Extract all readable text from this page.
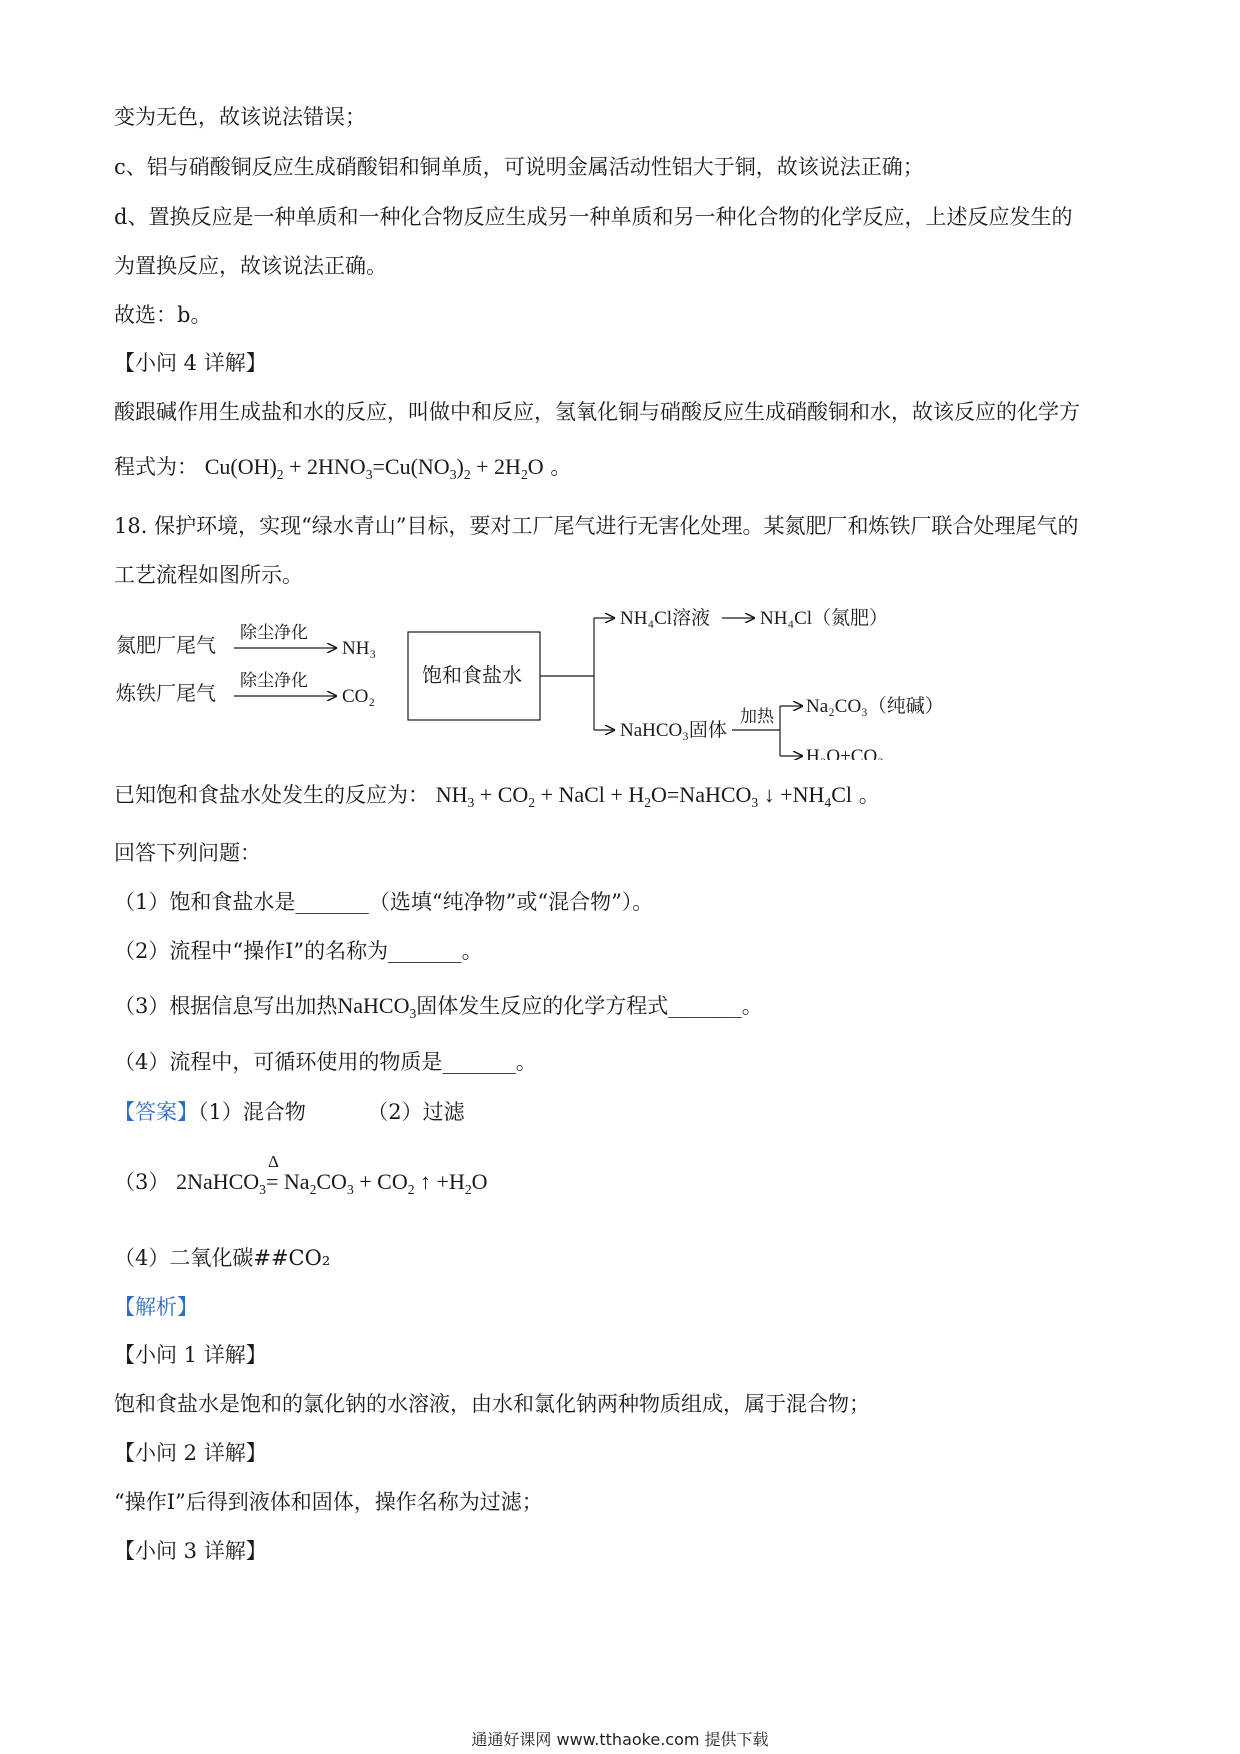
变为无色，故该说法错误；
c、铝与硝酸铜反应生成硝酸铝和铜单质，可说明金属活动性铝大于铜，故该说法正确；
d、置换反应是一种单质和一种化合物反应生成另一种单质和另一种化合物的化学反应，上述反应发生的
为置换反应，故该说法正确。
故选：b。
【小问 4 详解】
酸跟碱作用生成盐和水的反应，叫做中和反应，氢氧化铜与硝酸反应生成硝酸铜和水，故该反应的化学方
程式为： $Cu(OH)_2 + 2HNO_3=Cu(NO_3)_2 + 2H_2O$ 。
18. 保护环境，实现“绿水青山”目标，要对工厂尾气进行无害化处理。某氮肥厂和炼铁厂联合处理尾气的
工艺流程如图所示。
氮肥厂尾气 除尘净化
NH₃
炼铁厂尾气 除尘净化
CO₂
饱和食盐水
NH₄Cl溶液	NH₄Cl（氮肥）
NaHCO₃固体
加热 Na₂CO₃（纯碱）
H₂O+CO₂
已知饱和食盐水处发生的反应为： $NH_3 + CO_2$ + NaCl + $H_2O=NaHCO_3$ ↓ $+NH_4Cl$ 。
回答下列问题：
（1）饱和食盐水是_______（选填“纯净物”或“混合物”）。
（2）流程中“操作Ⅰ”的名称为_______。
（3）根据信息写出加热NaHCO$_3$固体发生反应的化学方程式_______。
（4）流程中，可循环使用的物质是_______。
【答案】（1）混合物	（2）过滤
（3） 2NaHCO$_3$
Δ
= $Na_2CO_3 + CO_2$ ↑ $+H_2O$
（4）二氧化碳##CO₂
【解析】
【小问 1 详解】
饱和食盐水是饱和的氯化钠的水溶液，由水和氯化钠两种物质组成，属于混合物；
【小问 2 详解】
“操作Ⅰ”后得到液体和固体，操作名称为过滤；
【小问 3 详解】
通通好课网 www.tthaoke.com 提供下载
